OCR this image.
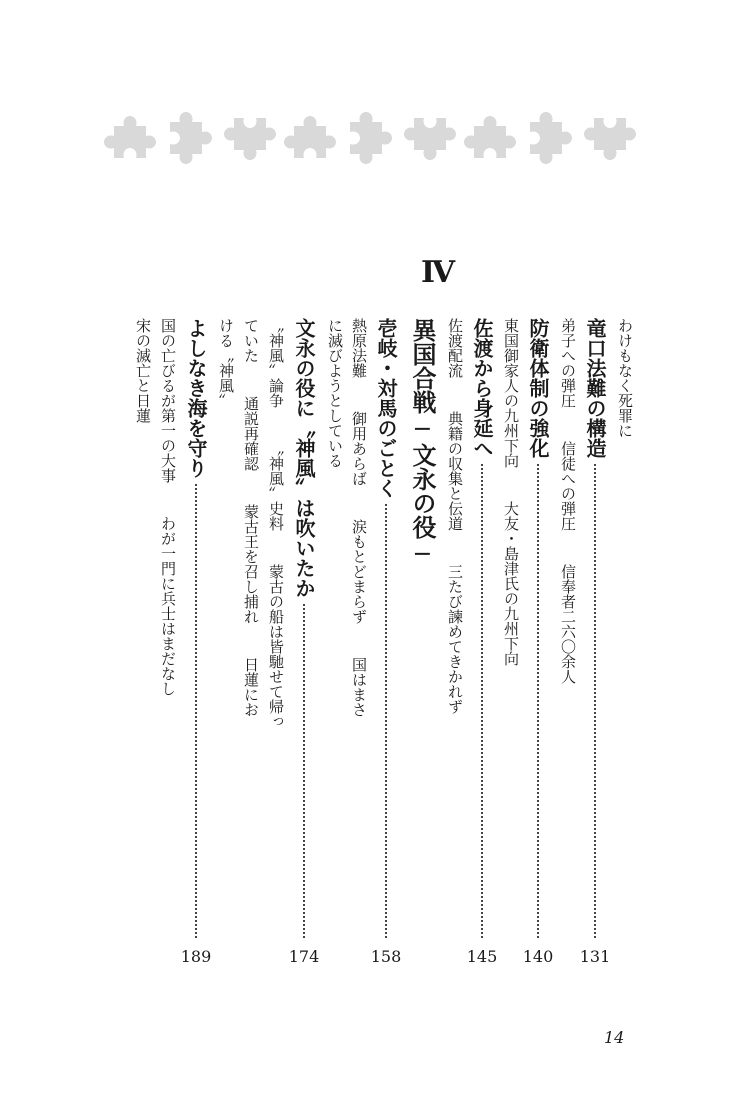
Ⅳ
わけもなく死罪に
竜口法難の構造
弟子への弾圧信徒への弾圧信奉者二六〇余人
防衛体制の強化
東国御家人の九州下向大友・島津氏の九州下向
佐渡から身延へ
佐渡配流典籍の収集と伝道三たび諫めてきかれず
異国合戦─文永の役─
壱岐・対馬のごとく
熱原法難御用あらば涙もとどまらず国はまさ
に滅びようとしている
文永の役に〝神風〟は吹いたか
〝神風〟論争〝神風〟史料蒙古の船は皆馳せて帰っ
ていた通説再確認蒙古王を召し捕れ日蓮にお
ける〝神風〟
よしなき海を守り
国の亡びるが第一の大事わが一門に兵士はまだなし
宋の滅亡と日蓮
131
140
145
158
174
189
14
